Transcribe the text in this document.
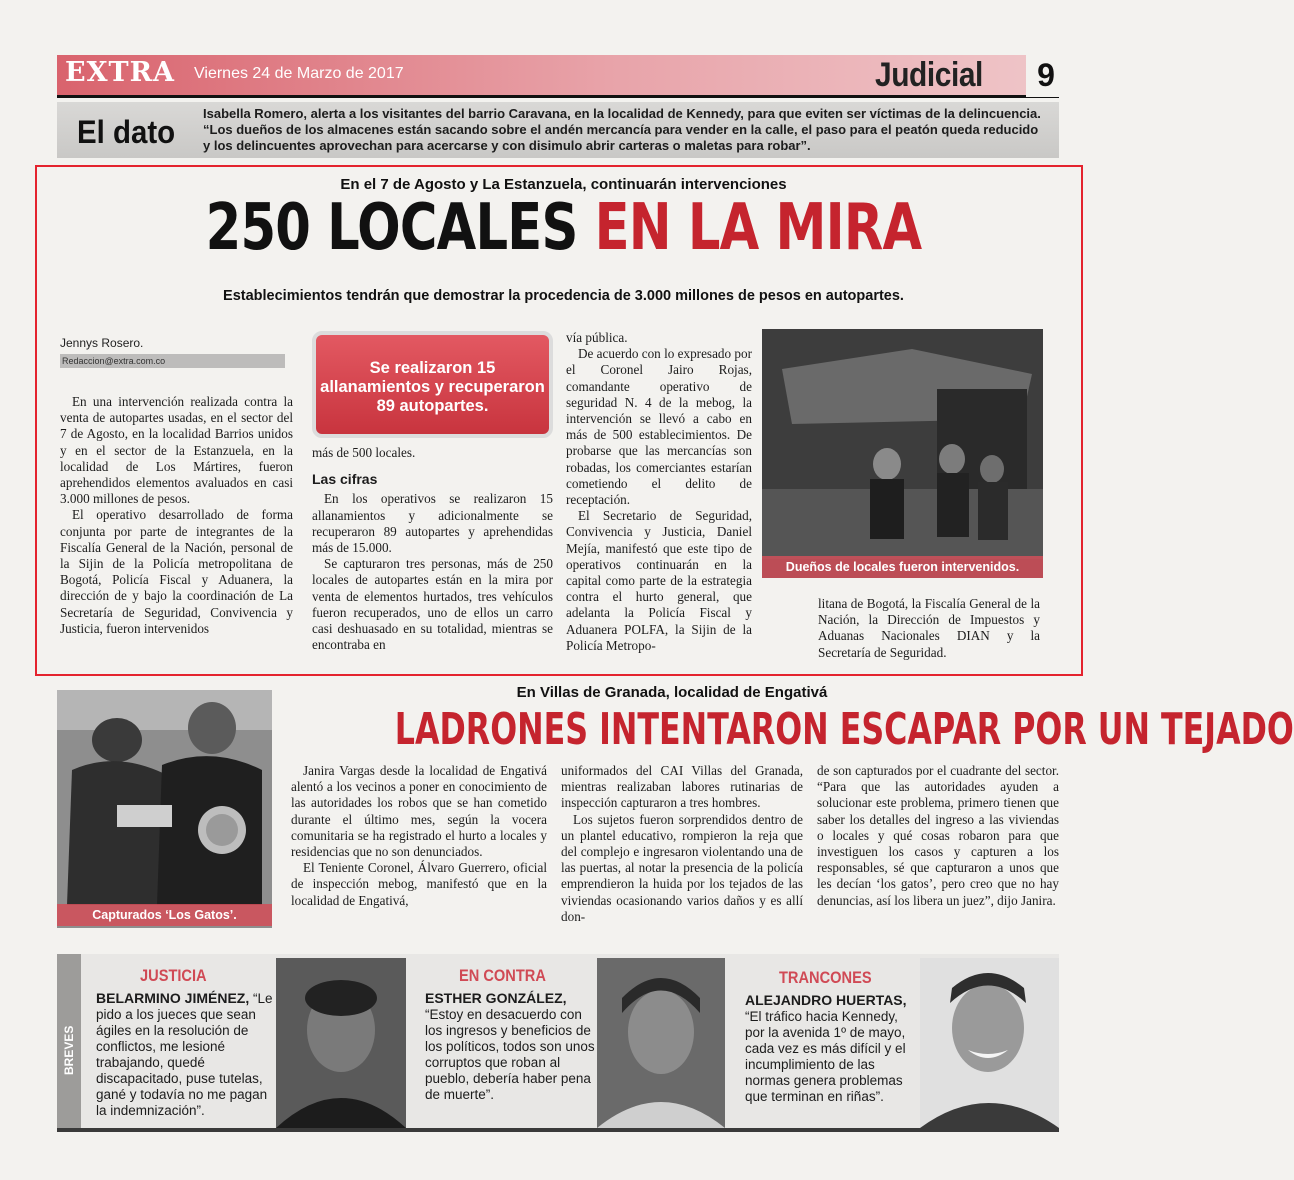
EXTRA Viernes 24 de Marzo de 2017	Judicial	9
El dato
Isabella Romero, alerta a los visitantes del barrio Caravana, en la localidad de Kennedy, para que eviten ser víctimas de la delincuencia. “Los dueños de los almacenes están sacando sobre el andén mercancía para vender en la calle, el paso para el peatón queda reducido y los delincuentes aprovechan para acercarse y con disimulo abrir carteras o maletas para robar”.
En el 7 de Agosto y La Estanzuela, continuarán intervenciones
250 LOCALES EN LA MIRA
Establecimientos tendrán que demostrar la procedencia de 3.000 millones de pesos en autopartes.
Jennys Rosero.
Redaccion@extra.com.co

En una intervención realizada contra la venta de autopartes usadas, en el sector del 7 de Agosto, en la localidad Barrios unidos y en el sector de la Estanzuela, en la localidad de Los Mártires, fueron aprehendidos elementos avaluados en casi 3.000 millones de pesos.

El operativo desarrollado de forma conjunta por parte de integrantes de la Fiscalía General de la Nación, personal de la Sijin de la Policía metropolitana de Bogotá, Policía Fiscal y Aduanera, la dirección de y bajo la coordinación de La Secretaría de Seguridad, Convivencia y Justicia, fueron intervenidos

Se realizaron 15 allanamientos y recuperaron 89 autopartes.

más de 500 locales.

Las cifras

En los operativos se realizaron 15 allanamientos y adicionalmente se recuperaron 89 autopartes y aprehendidas más de 15.000.

Se capturaron tres personas, más de 250 locales de autopartes están en la mira por venta de elementos hurtados, tres vehículos fueron recuperados, uno de ellos un carro casi deshuasado en su totalidad, mientras se encontraba en

vía pública.

De acuerdo con lo expresado por el Coronel Jairo Rojas, comandante operativo de seguridad N. 4 de la mebog, la intervención se llevó a cabo en más de 500 establecimientos. De probarse que las mercancías son robadas, los comerciantes estarían cometiendo el delito de receptación.

El Secretario de Seguridad, Convivencia y Justicia, Daniel Mejía, manifestó que este tipo de operativos continuarán en la capital como parte de la estrategia contra el hurto general, que adelanta la Policía Fiscal y Aduanera POLFA, la Sijin de la Policía Metropo-

Dueños de locales fueron intervenidos.

litana de Bogotá, la Fiscalía General de la Nación, la Dirección de Impuestos y Aduanas Nacionales DIAN y la Secretaría de Seguridad.

Capturados ‘Los Gatos’.
En Villas de Granada, localidad de Engativá
LADRONES INTENTARON ESCAPAR POR UN TEJADO

Janira Vargas desde la localidad de Engativá alentó a los vecinos a poner en conocimiento de las autoridades los robos que se han cometido durante el último mes, según la vocera comunitaria se ha registrado el hurto a locales y residencias que no son denunciados.

El Teniente Coronel, Álvaro Guerrero, oficial de inspección mebog, manifestó que en la localidad de Engativá,

uniformados del CAI Villas del Granada, mientras realizaban labores rutinarias de inspección capturaron a tres hombres.

Los sujetos fueron sorprendidos dentro de un plantel educativo, rompieron la reja que del complejo e ingresaron violentando una de las puertas, al notar la presencia de la policía emprendieron la huida por los tejados de las viviendas ocasionando varios daños y es allí don-

de son capturados por el cuadrante del sector. “Para que las autoridades ayuden a solucionar este problema, primero tienen que saber los detalles del ingreso a las viviendas o locales y qué cosas robaron para que investiguen los casos y capturen a los responsables, sé que capturaron a unos que les decían ‘los gatos’, pero creo que no hay denuncias, así los libera un juez”, dijo Janira.

BREVES
JUSTICIA
BELARMINO JIMÉNEZ, “Le pido a los jueces que sean ágiles en la resolución de conflictos, me lesioné trabajando, quedé discapacitado, puse tutelas, gané y todavía no me pagan la indemnización”.
EN CONTRA
ESTHER GONZÁLEZ, “Estoy en desacuerdo con los ingresos y beneficios de los políticos, todos son unos corruptos que roban al pueblo, debería haber pena de muerte”.
TRANCONES
ALEJANDRO HUERTAS, “El tráfico hacia Kennedy, por la avenida 1º de mayo, cada vez es más difícil y el incumplimiento de las normas genera problemas que terminan en riñas”.
